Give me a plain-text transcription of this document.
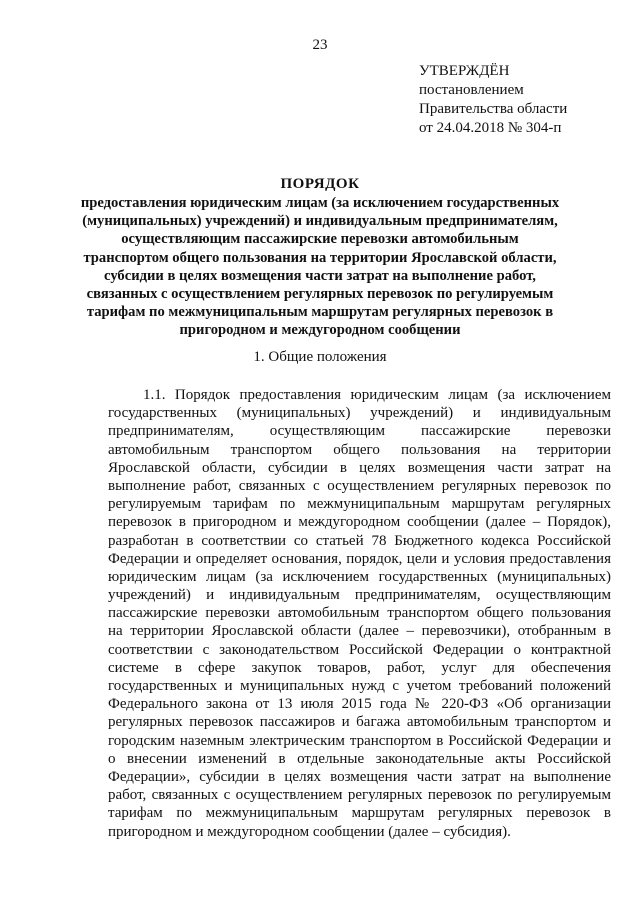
23
УТВЕРЖДЁН
постановлением
Правительства области
от 24.04.2018 № 304-п
ПОРЯДОК
предоставления юридическим лицам (за исключением государственных
(муниципальных) учреждений) и индивидуальным предпринимателям,
осуществляющим пассажирские перевозки автомобильным
транспортом общего пользования на территории Ярославской области,
субсидии в целях возмещения части затрат на выполнение работ,
связанных с осуществлением регулярных перевозок по регулируемым
тарифам по межмуниципальным маршрутам регулярных перевозок в
пригородном и междугородном сообщении
1. Общие положения
1.1. Порядок предоставления юридическим лицам (за исключением
государственных (муниципальных) учреждений) и индивидуальным
предпринимателям, осуществляющим пассажирские перевозки
автомобильным транспортом общего пользования на территории
Ярославской области, субсидии в целях возмещения части затрат на
выполнение работ, связанных с осуществлением регулярных перевозок по
регулируемым тарифам по межмуниципальным маршрутам регулярных
перевозок в пригородном и междугородном сообщении (далее – Порядок),
разработан в соответствии со статьей 78 Бюджетного кодекса Российской
Федерации и определяет основания, порядок, цели и условия предоставления
юридическим лицам (за исключением государственных (муниципальных)
учреждений) и индивидуальным предпринимателям, осуществляющим
пассажирские перевозки автомобильным транспортом общего пользования
на территории Ярославской области (далее – перевозчики), отобранным в
соответствии с законодательством Российской Федерации о контрактной
системе в сфере закупок товаров, работ, услуг для обеспечения
государственных и муниципальных нужд с учетом требований положений
Федерального закона от 13 июля 2015 года № 220-ФЗ «Об организации
регулярных перевозок пассажиров и багажа автомобильным транспортом и
городским наземным электрическим транспортом в Российской Федерации и
о внесении изменений в отдельные законодательные акты Российской
Федерации», субсидии в целях возмещения части затрат на выполнение
работ, связанных с осуществлением регулярных перевозок по регулируемым
тарифам по межмуниципальным маршрутам регулярных перевозок в
пригородном и междугородном сообщении (далее – субсидия).
